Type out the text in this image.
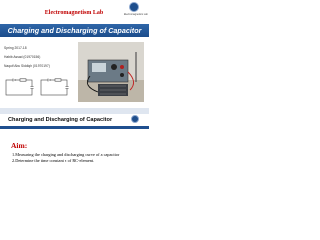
Electromagnetism Lab	Electromagnetism Lab
Charging and Discharging of Capacitor
Spring 2017-18
Habib Assad (01970156)
Naquif Abu Siddiqh (01970197)
Charging and Discharging of Capacitor
Aim:
1.Measuring the charging and discharging curve of a capacitor
2.Determine the time constant τ of RC-element.
